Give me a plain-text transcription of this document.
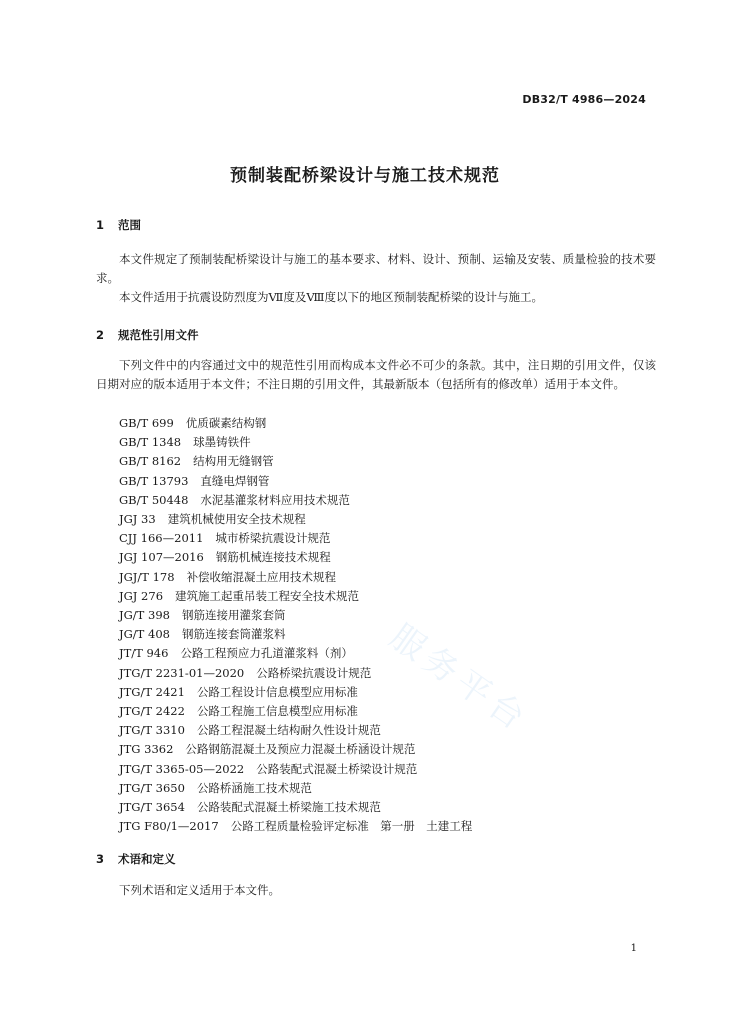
DB32/T 4986—2024
预制装配桥梁设计与施工技术规范
1 范围
本文件规定了预制装配桥梁设计与施工的基本要求、材料、设计、预制、运输及安装、质量检验的技术要求。
本文件适用于抗震设防烈度为Ⅶ度及Ⅷ度以下的地区预制装配桥梁的设计与施工。
2 规范性引用文件
下列文件中的内容通过文中的规范性引用而构成本文件必不可少的条款。其中，注日期的引用文件，仅该日期对应的版本适用于本文件；不注日期的引用文件，其最新版本（包括所有的修改单）适用于本文件。
GB/T 699 优质碳素结构钢
GB/T 1348 球墨铸铁件
GB/T 8162 结构用无缝钢管
GB/T 13793 直缝电焊钢管
GB/T 50448 水泥基灌浆材料应用技术规范
JGJ 33 建筑机械使用安全技术规程
CJJ 166—2011 城市桥梁抗震设计规范
JGJ 107—2016 钢筋机械连接技术规程
JGJ/T 178 补偿收缩混凝土应用技术规程
JGJ 276 建筑施工起重吊装工程安全技术规范
JG/T 398 钢筋连接用灌浆套筒
JG/T 408 钢筋连接套筒灌浆料
JT/T 946 公路工程预应力孔道灌浆料（剂）
JTG/T 2231-01—2020 公路桥梁抗震设计规范
JTG/T 2421 公路工程设计信息模型应用标准
JTG/T 2422 公路工程施工信息模型应用标准
JTG/T 3310 公路工程混凝土结构耐久性设计规范
JTG 3362 公路钢筋混凝土及预应力混凝土桥涵设计规范
JTG/T 3365-05—2022 公路装配式混凝土桥梁设计规范
JTG/T 3650 公路桥涵施工技术规范
JTG/T 3654 公路装配式混凝土桥梁施工技术规范
JTG F80/1—2017 公路工程质量检验评定标准　第一册　土建工程
3 术语和定义
下列术语和定义适用于本文件。
服务平台
1
